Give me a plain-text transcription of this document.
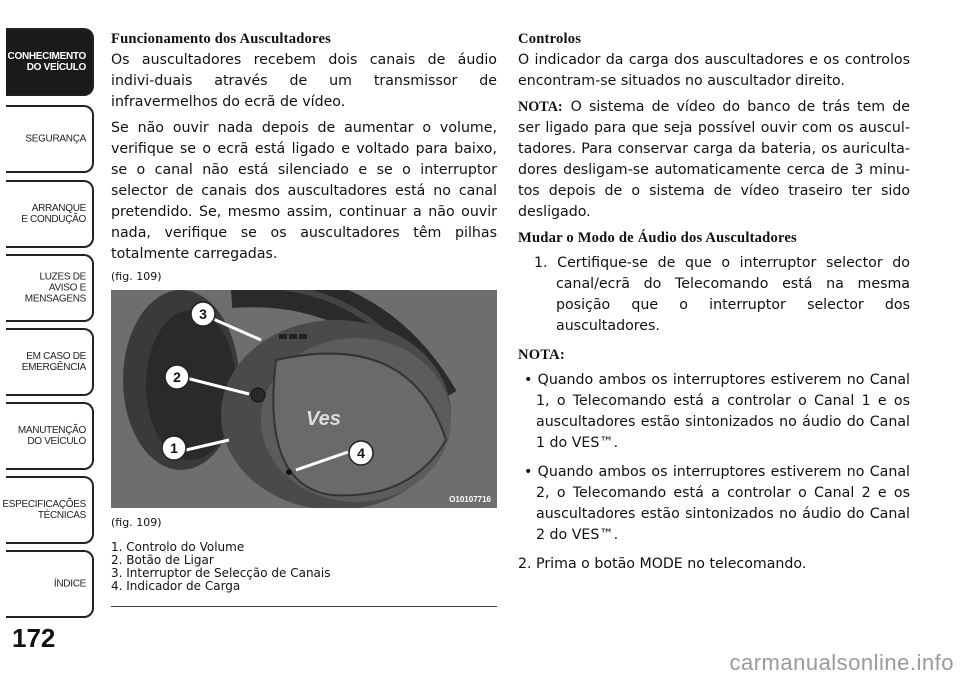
CONHECIMENTO
DO VEÍCULO
SEGURANÇA
ARRANQUE
E CONDUÇÃO
LUZES DE
AVISO E
MENSAGENS
EM CASO DE
EMERGÊNCIA
MANUTENÇÃO
DO VEÍCULO
ESPECIFICAÇÕES
TÉCNICAS
ÍNDICE
172
Funcionamento dos Auscultadores

Os auscultadores recebem dois canais de áudio indivi-duais através de um transmissor de infravermelhos do ecrã de vídeo.

Se não ouvir nada depois de aumentar o volume, verifique se o ecrã está ligado e voltado para baixo, se o canal não está silenciado e se o interruptor selector de canais dos auscultadores está no canal pretendido. Se, mesmo assim, continuar a não ouvir nada, verifique se os auscultadores têm pilhas totalmente carregadas.

(fig. 109)

Ves
3
2
1	4
O10107716
(fig. 109)
1. Controlo do Volume
2. Botão de Ligar
3. Interruptor de Selecção de Canais
4. Indicador de Carga
Controlos

O indicador da carga dos auscultadores e os controlos encontram-se situados no auscultador direito.

NOTA: O sistema de vídeo do banco de trás tem de ser ligado para que seja possível ouvir com os auscul-tadores. Para conservar carga da bateria, os auriculta-dores desligam-se automaticamente cerca de 3 minu-tos depois de o sistema de vídeo traseiro ter sido desligado.

Mudar o Modo de Áudio dos Auscultadores
1. Certifique-se de que o interruptor selector do canal/ecrã do Telecomando está na mesma posição que o interruptor selector dos auscultadores.
NOTA:
• Quando ambos os interruptores estiverem no Canal 1, o Telecomando está a controlar o Canal 1 e os auscultadores estão sintonizados no áudio do Canal 1 do VES™.
• Quando ambos os interruptores estiverem no Canal 2, o Telecomando está a controlar o Canal 2 e os auscultadores estão sintonizados no áudio do Canal 2 do VES™.

2. Prima o botão MODE no telecomando.

carmanualsonline.info
